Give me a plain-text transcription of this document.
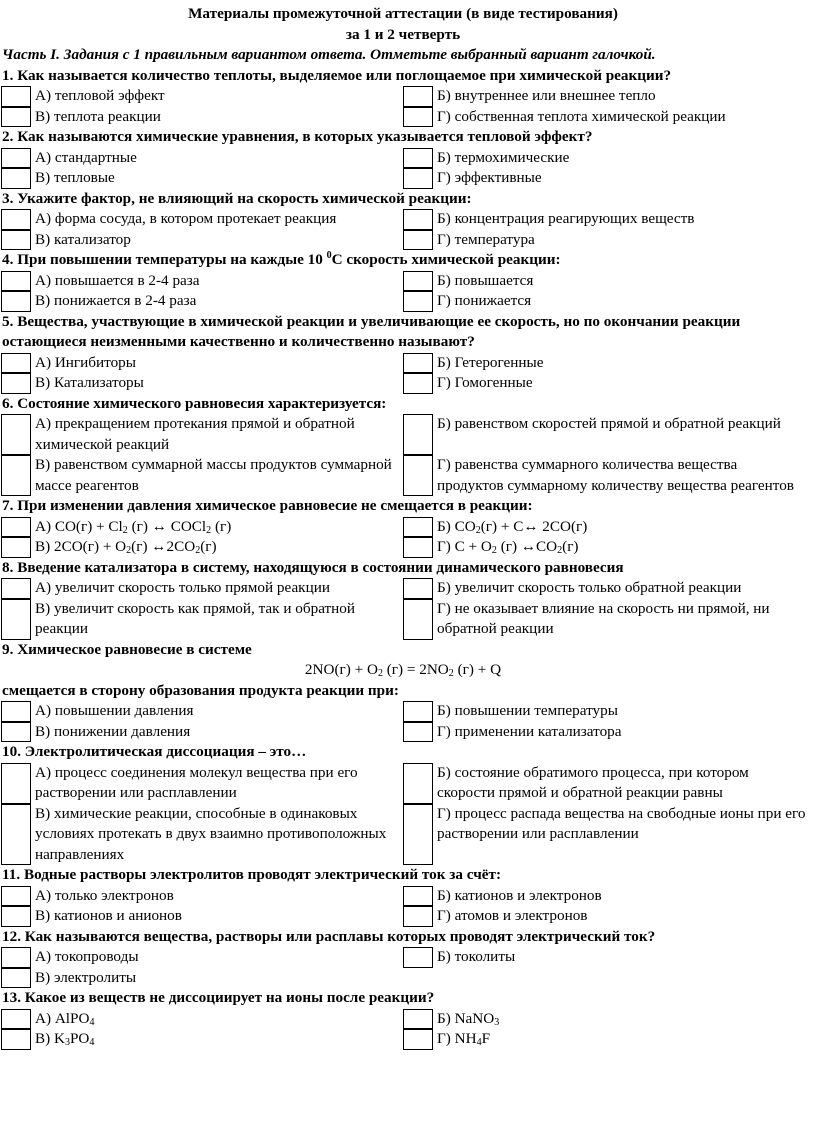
Материалы промежуточной аттестации (в виде тестирования)
за 1 и 2 четверть
Часть I. Задания с 1 правильным вариантом ответа. Отметьте выбранный вариант галочкой.
1. Как называется количество теплоты, выделяемое или поглощаемое при химической реакции?
А) тепловой эффект	Б) внутреннее или внешнее тепло
В) теплота реакции	Г) собственная теплота химической реакции
2. Как называются химические уравнения, в которых указывается тепловой эффект?
А) стандартные	Б) термохимические
В) тепловые	Г) эффективные
3. Укажите фактор, не влияющий на скорость химической реакции:
А) форма сосуда, в котором протекает реакция	Б) концентрация реагирующих веществ
В) катализатор	Г) температура
4. При повышении температуры на каждые 10 $^0$С скорость химической реакции:
А) повышается в 2-4 раза	Б) повышается
В) понижается в 2-4 раза	Г) понижается
5. Вещества, участвующие в химической реакции и увеличивающие ее скорость, но по окончании реакции остающиеся неизменными качественно и количественно называют?
А) Ингибиторы	Б) Гетерогенные
В) Катализаторы	Г) Гомогенные
6. Состояние химического равновесия характеризуется:
А) прекращением протекания прямой и обратной химической реакций
Б) равенством скоростей прямой и обратной реакций
В) равенством суммарной массы продуктов суммарной массе реагентов
Г) равенства суммарного количества вещества продуктов суммарному количеству вещества реагентов
7. При изменении давления химическое равновесие не смещается в реакции:
А) $CO(г) + Cl_2$ (г) ↔ COCl$_2$ (г)	Б) $CO_2(г)$ + C↔ 2CO(г)
В) $2CO(г) + O_2(г)$ $\leftrightarrow 2CO_2(г)$	Г) $C + O_2$ (г) $\leftrightarrow CO_2(г)$
8. Введение катализатора в систему, находящуюся в состоянии динамического равновесия
А) увеличит скорость только прямой реакции	Б) увеличит скорость только обратной реакции
В) увеличит скорость как прямой, так и обратной реакции
Г) не оказывает влияние на скорость ни прямой, ни обратной реакции
9. Химическое равновесие в системе
$2NO(г) + O_2$ $(г) = 2NO_2$ (г) + Q
смещается в сторону образования продукта реакции при:
А) повышении давления	Б) повышении температуры
В) понижении давления	Г) применении катализатора
10. Электролитическая диссоциация – это…
А) процесс соединения молекул вещества при его растворении или расплавлении
Б) состояние обратимого процесса, при котором скорости прямой и обратной реакции равны
В) химические реакции, способные в одинаковых условиях протекать в двух взаимно противоположных направлениях
Г) процесс распада вещества на свободные ионы при его растворении или расплавлении
11. Водные растворы электролитов проводят электрический ток за счёт:
А) только электронов	Б) катионов и электронов
В) катионов и анионов	Г) атомов и электронов
12. Как называются вещества, растворы или расплавы которых проводят электрический ток?
А) токопроводы	Б) токолиты
В) электролиты
13. Какое из веществ не диссоциирует на ионы после реакции?
А) AlPO$_4$	Б) NaNO$_3$
В) $K_3PO_4$	Г) $NH_4F$
